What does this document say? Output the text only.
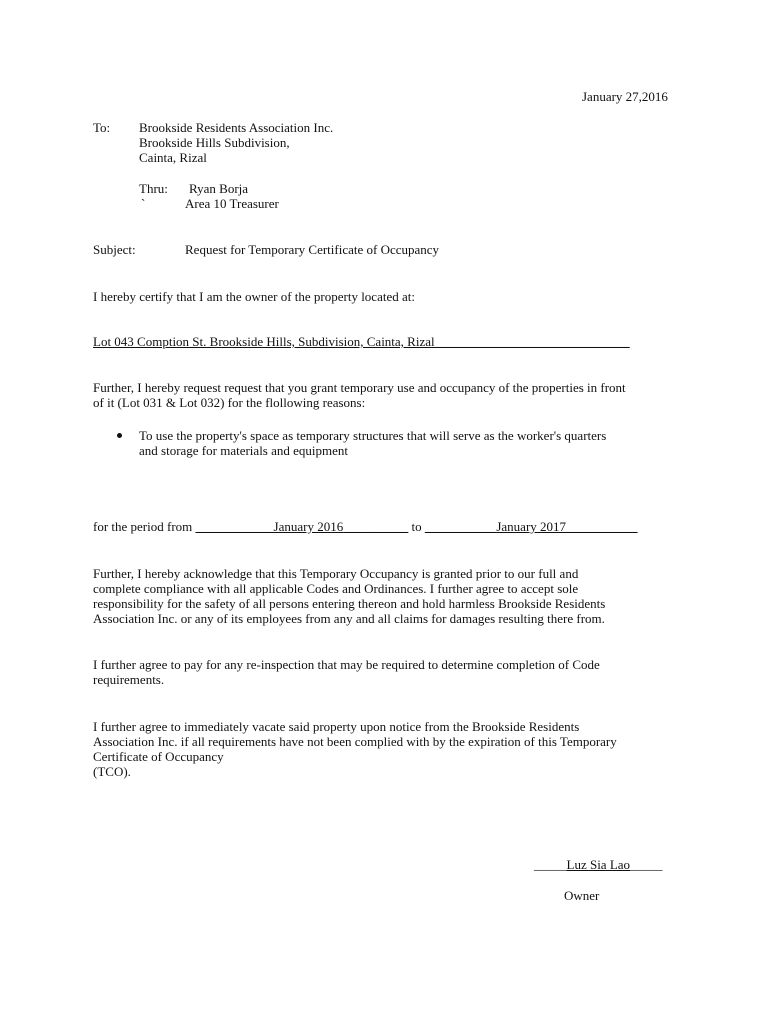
January 27,2016
To: Brookside Residents Association Inc.
Brookside Hills Subdivision,
Cainta, Rizal
Thru: Ryan Borja
`	Area 10 Treasurer
Subject:	Request for Temporary Certificate of Occupancy
I hereby certify that I am the owner of the property located at:
Lot 043 Comption St. Brookside Hills, Subdivision, Cainta, Rizal______________________________
Further, I hereby request request that you grant temporary use and occupancy of the properties in front
of it (Lot 031 & Lot 032) for the flollowing reasons:
To use the property's space as temporary structures that will serve as the worker's quarters
and storage for materials and equipment
for the period from ____________January 2016__________ to ___________January 2017___________
Further, I hereby acknowledge that this Temporary Occupancy is granted prior to our full and
complete compliance with all applicable Codes and Ordinances. I further agree to accept sole
responsibility for the safety of all persons entering thereon and hold harmless Brookside Residents
Association Inc. or any of its employees from any and all claims for damages resulting there from.
I further agree to pay for any re-inspection that may be required to determine completion of Code
requirements.
I further agree to immediately vacate said property upon notice from the Brookside Residents
Association Inc. if all requirements have not been complied with by the expiration of this Temporary
Certificate of Occupancy
(TCO).
_____Luz Sia Lao_____
Owner
